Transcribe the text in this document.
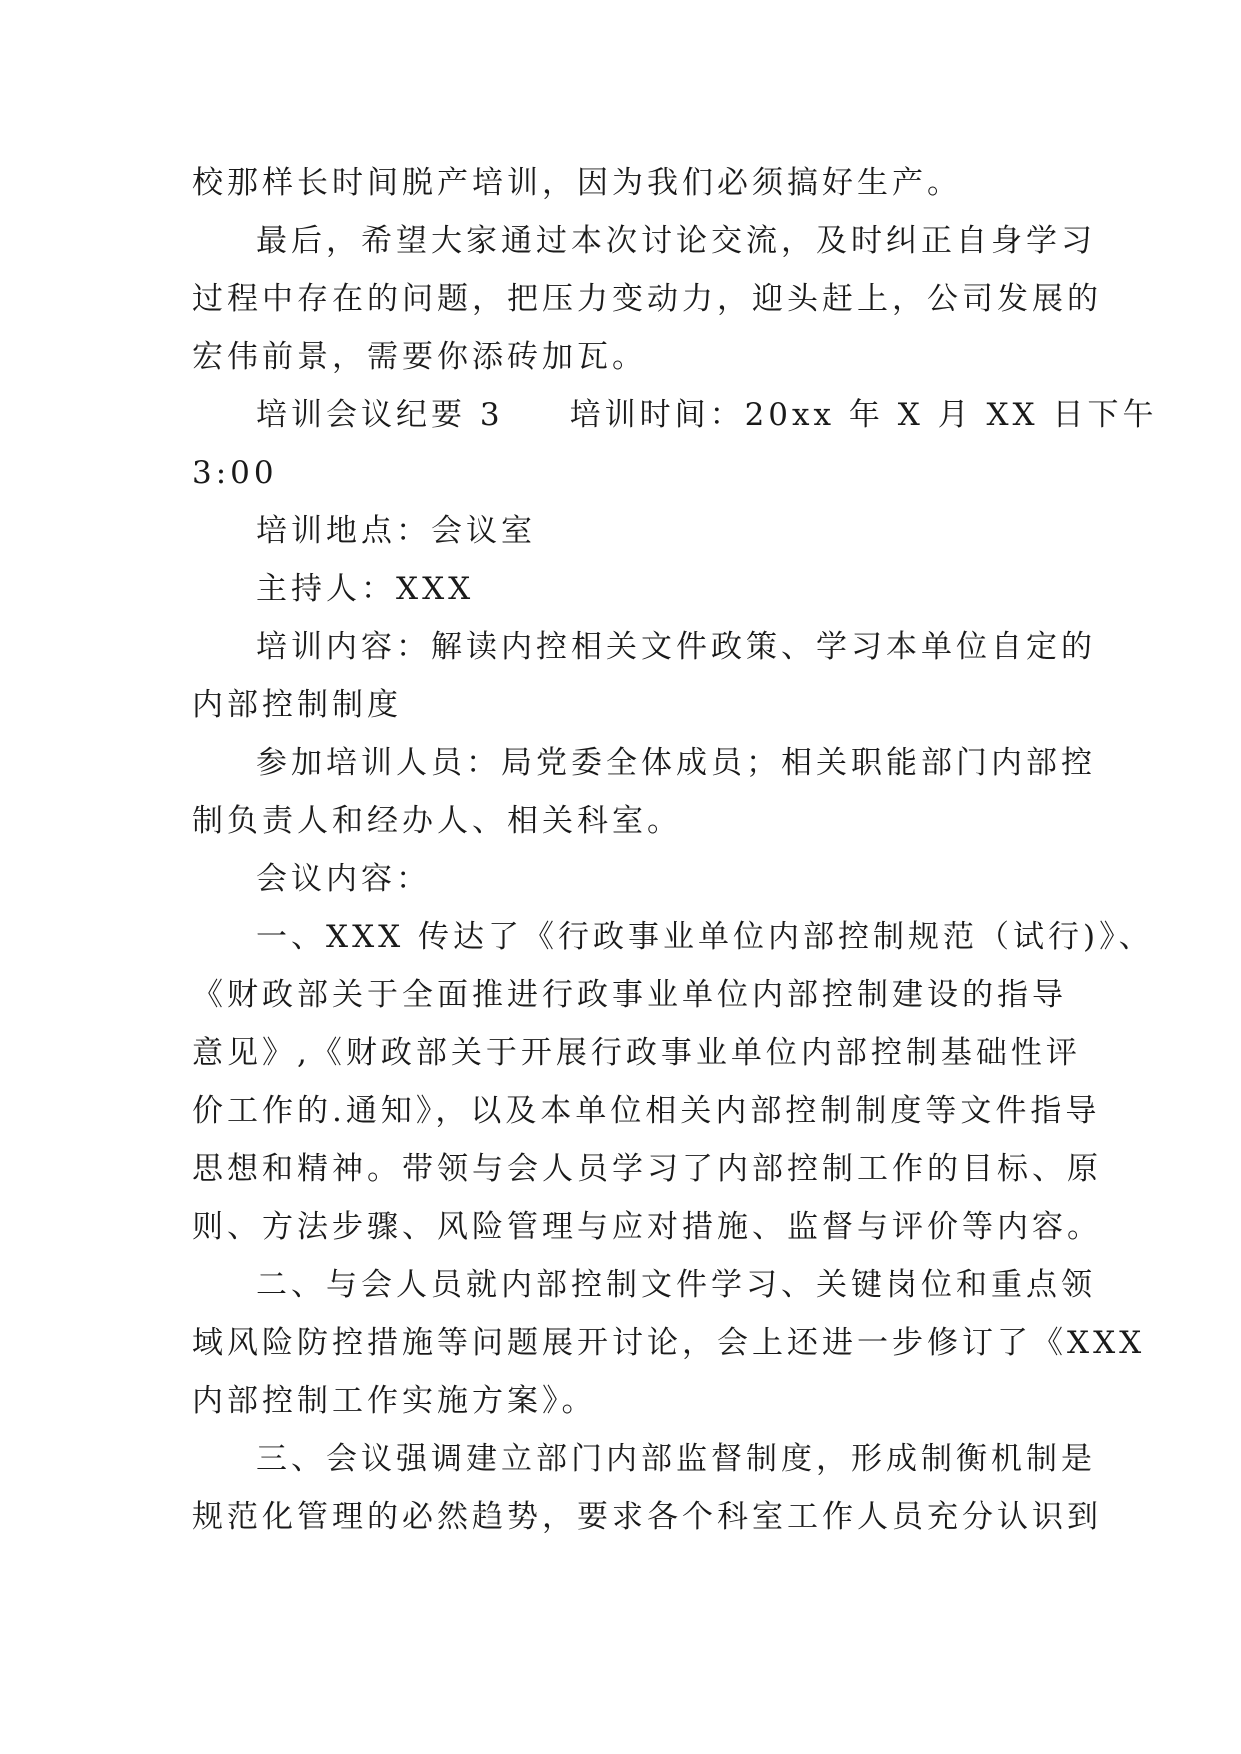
校那样长时间脱产培训，因为我们必须搞好生产。
最后，希望大家通过本次讨论交流，及时纠正自身学习
过程中存在的问题，把压力变动力，迎头赶上，公司发展的
宏伟前景，需要你添砖加瓦。
培训会议纪要 3 培训时间：20xx 年 X 月 XX 日下午
3:00
培训地点：会议室
主持人：XXX
培训内容：解读内控相关文件政策、学习本单位自定的
内部控制制度
参加培训人员：局党委全体成员；相关职能部门内部控
制负责人和经办人、相关科室。
会议内容：
一、XXX 传达了《行政事业单位内部控制规范（试行)》、
《财政部关于全面推进行政事业单位内部控制建设的指导
意见》,《财政部关于开展行政事业单位内部控制基础性评
价工作的.通知》，以及本单位相关内部控制制度等文件指导
思想和精神。带领与会人员学习了内部控制工作的目标、原
则、方法步骤、风险管理与应对措施、监督与评价等内容。
二、与会人员就内部控制文件学习、关键岗位和重点领
域风险防控措施等问题展开讨论，会上还进一步修订了《XXX
内部控制工作实施方案》。
三、会议强调建立部门内部监督制度，形成制衡机制是
规范化管理的必然趋势，要求各个科室工作人员充分认识到
